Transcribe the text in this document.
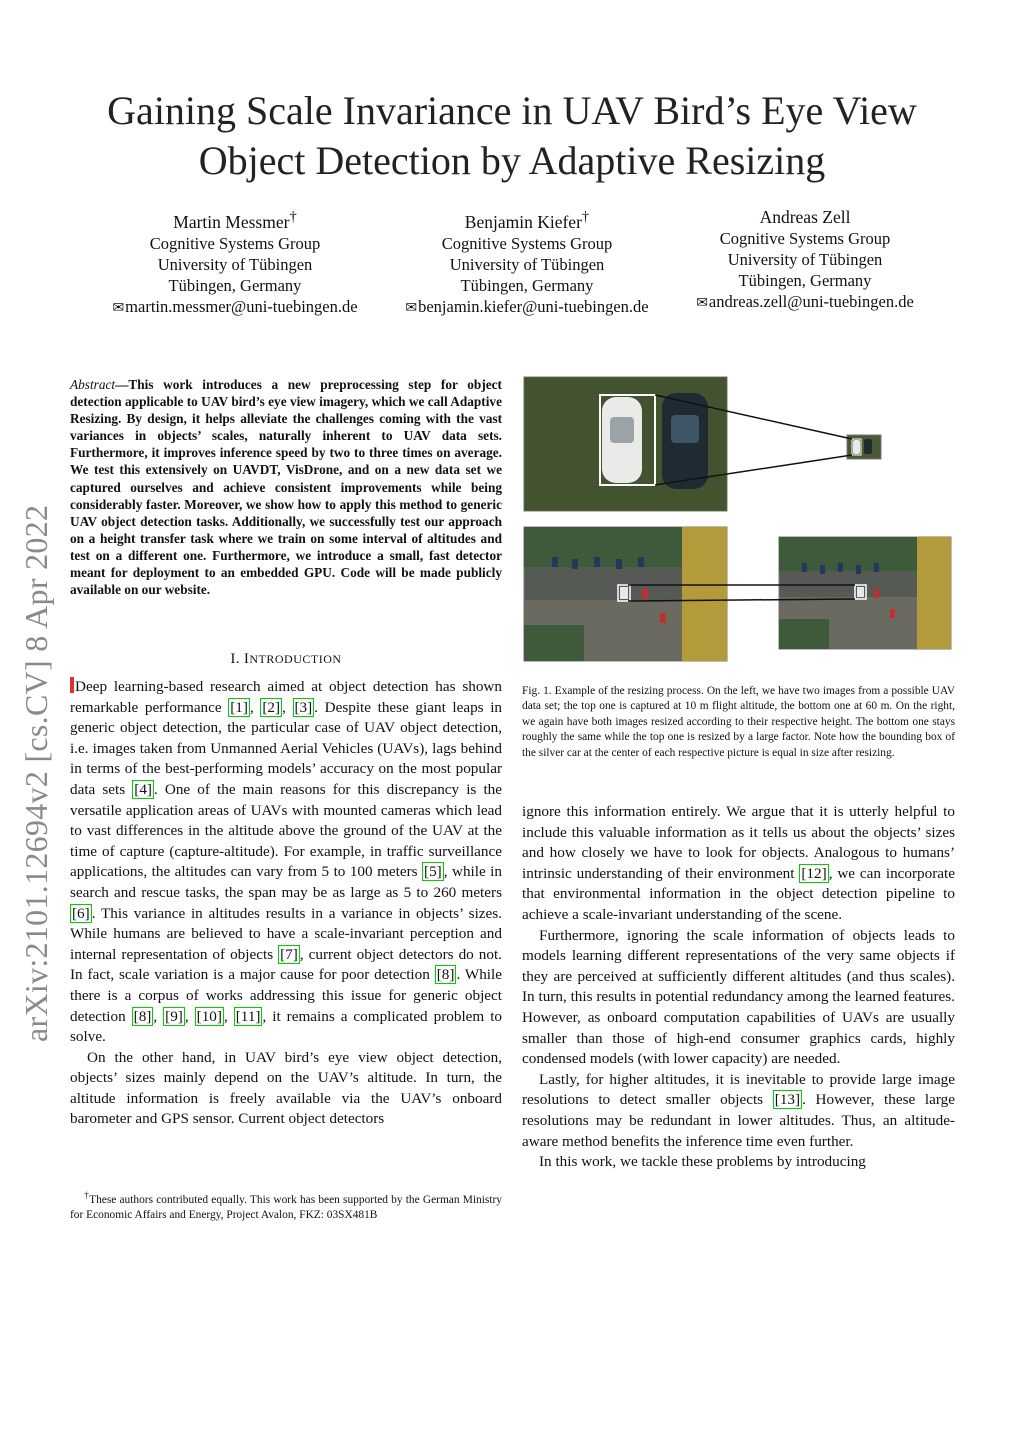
Gaining Scale Invariance in UAV Bird’s Eye View
Object Detection by Adaptive Resizing
Martin Messmer†
Cognitive Systems Group
University of Tübingen
Tübingen, Germany
✉martin.messmer@uni-tuebingen.de
Benjamin Kiefer†
Cognitive Systems Group
University of Tübingen
Tübingen, Germany
✉benjamin.kiefer@uni-tuebingen.de
Andreas Zell
Cognitive Systems Group
University of Tübingen
Tübingen, Germany
✉andreas.zell@uni-tuebingen.de
arXiv:2101.12694v2 [cs.CV] 8 Apr 2022
Abstract—This work introduces a new preprocessing step for object detection applicable to UAV bird’s eye view imagery, which we call Adaptive Resizing. By design, it helps alleviate the challenges coming with the vast variances in objects’ scales, naturally inherent to UAV data sets. Furthermore, it improves inference speed by two to three times on average. We test this extensively on UAVDT, VisDrone, and on a new data set we captured ourselves and achieve consistent improvements while being considerably faster. Moreover, we show how to apply this method to generic UAV object detection tasks. Additionally, we successfully test our approach on a height transfer task where we train on some interval of altitudes and test on a different one. Furthermore, we introduce a small, fast detector meant for deployment to an embedded GPU. Code will be made publicly available on our website.
I. INTRODUCTION

Deep learning-based research aimed at object detection has shown remarkable performance [1] , [2] , [3] . Despite these giant leaps in generic object detection, the particular case of UAV object detection, i.e. images taken from Unmanned Aerial Vehicles (UAVs), lags behind in terms of the best-performing models’ accuracy on the most popular data sets [4] . One of the main reasons for this discrepancy is the versatile application areas of UAVs with mounted cameras which lead to vast differences in the altitude above the ground of the UAV at the time of capture (capture-altitude). For example, in traffic surveillance applications, the altitudes can vary from 5 to 100 meters [5] , while in search and rescue tasks, the span may be as large as 5 to 260 meters [6] . This variance in altitudes results in a variance in objects’ sizes. While humans are believed to have a scale-invariant perception and internal representation of objects [7] , current object detectors do not. In fact, scale variation is a major cause for poor detection [8] . While there is a corpus of works addressing this issue for generic object detection [8] , [9] , [10] , [11] , it remains a complicated problem to solve.

On the other hand, in UAV bird’s eye view object detection, objects’ sizes mainly depend on the UAV’s altitude. In turn, the altitude information is freely available via the UAV’s onboard barometer and GPS sensor. Current object detectors

†These authors contributed equally. This work has been supported by the German Ministry for Economic Affairs and Energy, Project Avalon, FKZ: 03SX481B
Fig. 1. Example of the resizing process. On the left, we have two images from a possible UAV data set; the top one is captured at 10 m flight altitude, the bottom one at 60 m. On the right, we again have both images resized according to their respective height. The bottom one stays roughly the same while the top one is resized by a large factor. Note how the bounding box of the silver car at the center of each respective picture is equal in size after resizing.

ignore this information entirely. We argue that it is utterly helpful to include this valuable information as it tells us about the objects’ sizes and how closely we have to look for objects. Analogous to humans’ intrinsic understanding of their environment [12] , we can incorporate that environmental information in the object detection pipeline to achieve a scale-invariant understanding of the scene.

Furthermore, ignoring the scale information of objects leads to models learning different representations of the very same objects if they are perceived at sufficiently different altitudes (and thus scales). In turn, this results in potential redundancy among the learned features. However, as onboard computation capabilities of UAVs are usually smaller than those of high-end consumer graphics cards, highly condensed models (with lower capacity) are needed.

Lastly, for higher altitudes, it is inevitable to provide large image resolutions to detect smaller objects [13] . However, these large resolutions may be redundant in lower altitudes. Thus, an altitude-aware method benefits the inference time even further.

In this work, we tackle these problems by introducing
